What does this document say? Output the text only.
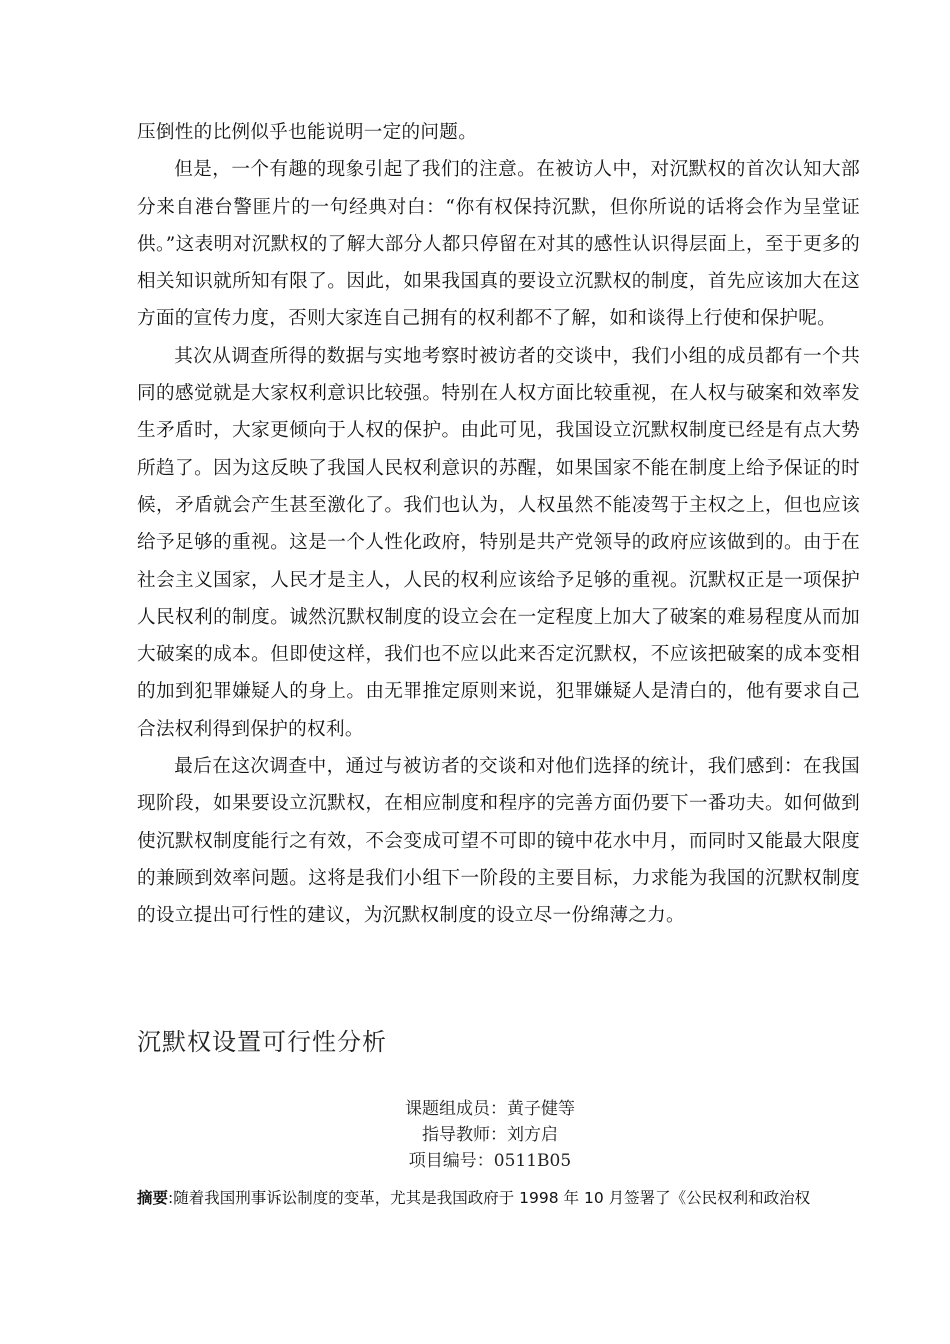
压倒性的比例似乎也能说明一定的问题。

但是，一个有趣的现象引起了我们的注意。在被访人中，对沉默权的首次认知大部分来自港台警匪片的一句经典对白：“你有权保持沉默，但你所说的话将会作为呈堂证供。”这表明对沉默权的了解大部分人都只停留在对其的感性认识得层面上，至于更多的相关知识就所知有限了。因此，如果我国真的要设立沉默权的制度，首先应该加大在这方面的宣传力度，否则大家连自己拥有的权利都不了解，如和谈得上行使和保护呢。

其次从调查所得的数据与实地考察时被访者的交谈中，我们小组的成员都有一个共同的感觉就是大家权利意识比较强。特别在人权方面比较重视，在人权与破案和效率发生矛盾时，大家更倾向于人权的保护。由此可见，我国设立沉默权制度已经是有点大势所趋了。因为这反映了我国人民权利意识的苏醒，如果国家不能在制度上给予保证的时候，矛盾就会产生甚至激化了。我们也认为，人权虽然不能凌驾于主权之上，但也应该给予足够的重视。这是一个人性化政府，特别是共产党领导的政府应该做到的。由于在社会主义国家，人民才是主人，人民的权利应该给予足够的重视。沉默权正是一项保护人民权利的制度。诚然沉默权制度的设立会在一定程度上加大了破案的难易程度从而加大破案的成本。但即使这样，我们也不应以此来否定沉默权，不应该把破案的成本变相的加到犯罪嫌疑人的身上。由无罪推定原则来说，犯罪嫌疑人是清白的，他有要求自己合法权利得到保护的权利。

最后在这次调查中，通过与被访者的交谈和对他们选择的统计，我们感到：在我国现阶段，如果要设立沉默权，在相应制度和程序的完善方面仍要下一番功夫。如何做到使沉默权制度能行之有效，不会变成可望不可即的镜中花水中月，而同时又能最大限度的兼顾到效率问题。这将是我们小组下一阶段的主要目标，力求能为我国的沉默权制度的设立提出可行性的建议，为沉默权制度的设立尽一份绵薄之力。

沉默权设置可行性分析
课题组成员：黄子健等
指导教师：刘方启
项目编号：0511B05
摘要:随着我国刑事诉讼制度的变革，尤其是我国政府于 1998 年 10 月签署了《公民权利和政治权
